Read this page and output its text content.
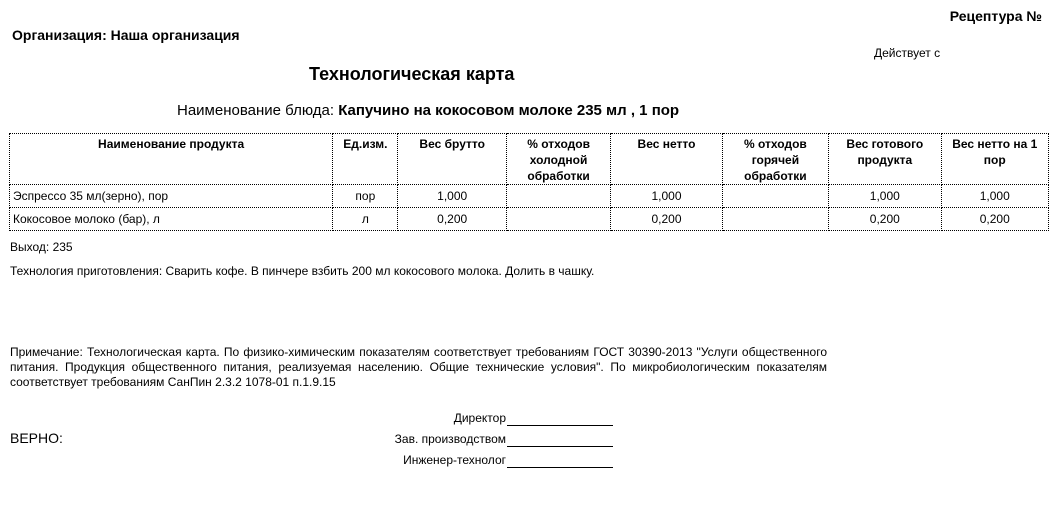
Рецептура №
Организация: Наша организация
Действует с
Технологическая карта
Наименование блюда: Капучино на кокосовом молоке 235 мл , 1 пор
Наименование продукта	Ед.изм.	Вес брутто	% отходов холодной обработки	Вес нетто	% отходов горячей обработки	Вес готового продукта	Вес нетто на 1 пор
Эспрессо 35 мл(зерно), пор	пор	1,000		1,000		1,000	1,000
Кокосовое молоко (бар), л	л	0,200		0,200		0,200	0,200
Выход: 235
Технология приготовления: Сварить кофе. В пинчере взбить 200 мл кокосового молока. Долить в чашку.
Примечание: Технологическая карта. По физико-химическим показателям соответствует требованиям ГОСТ 30390-2013 "Услуги общественного питания. Продукция общественного питания, реализуемая населению. Общие технические условия". По микробиологическим показателям соответствует требованиям СанПин 2.3.2 1078-01 п.1.9.15
Директор
Зав. производством
Инженер-технолог
ВЕРНО:
